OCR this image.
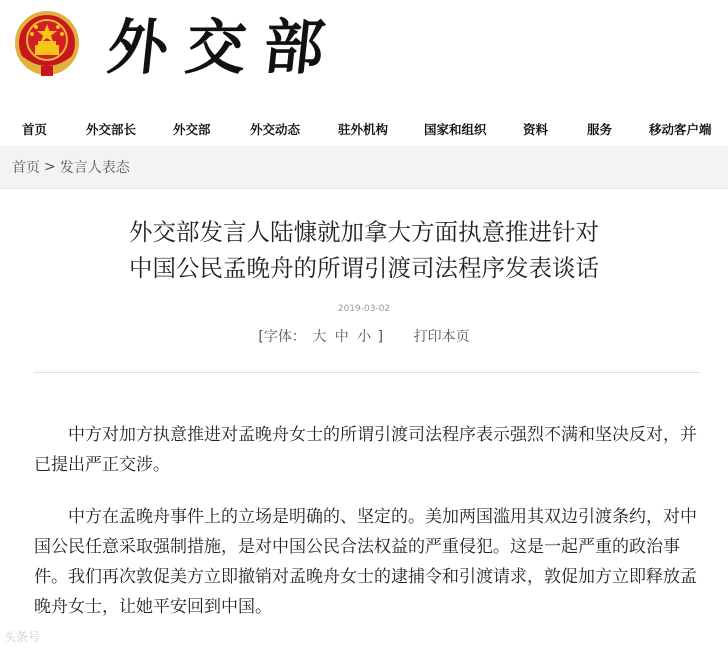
外交部
首页	外交部长	外交部	外交动态	驻外机构	国家和组织	资料	服务	移动客户端
首页 > 发言人表态
外交部发言人陆慷就加拿大方面执意推进针对
中国公民孟晚舟的所谓引渡司法程序发表谈话
2019-03-02
[字体： 大 中 小 ] 打印本页

中方对加方执意推进对孟晚舟女士的所谓引渡司法程序表示强烈不满和坚决反对，并已提出严正交涉。

中方在孟晚舟事件上的立场是明确的、坚定的。美加两国滥用其双边引渡条约，对中国公民任意采取强制措施，是对中国公民合法权益的严重侵犯。这是一起严重的政治事件。我们再次敦促美方立即撤销对孟晚舟女士的逮捕令和引渡请求，敦促加方立即释放孟晚舟女士，让她平安回到中国。

头条号
